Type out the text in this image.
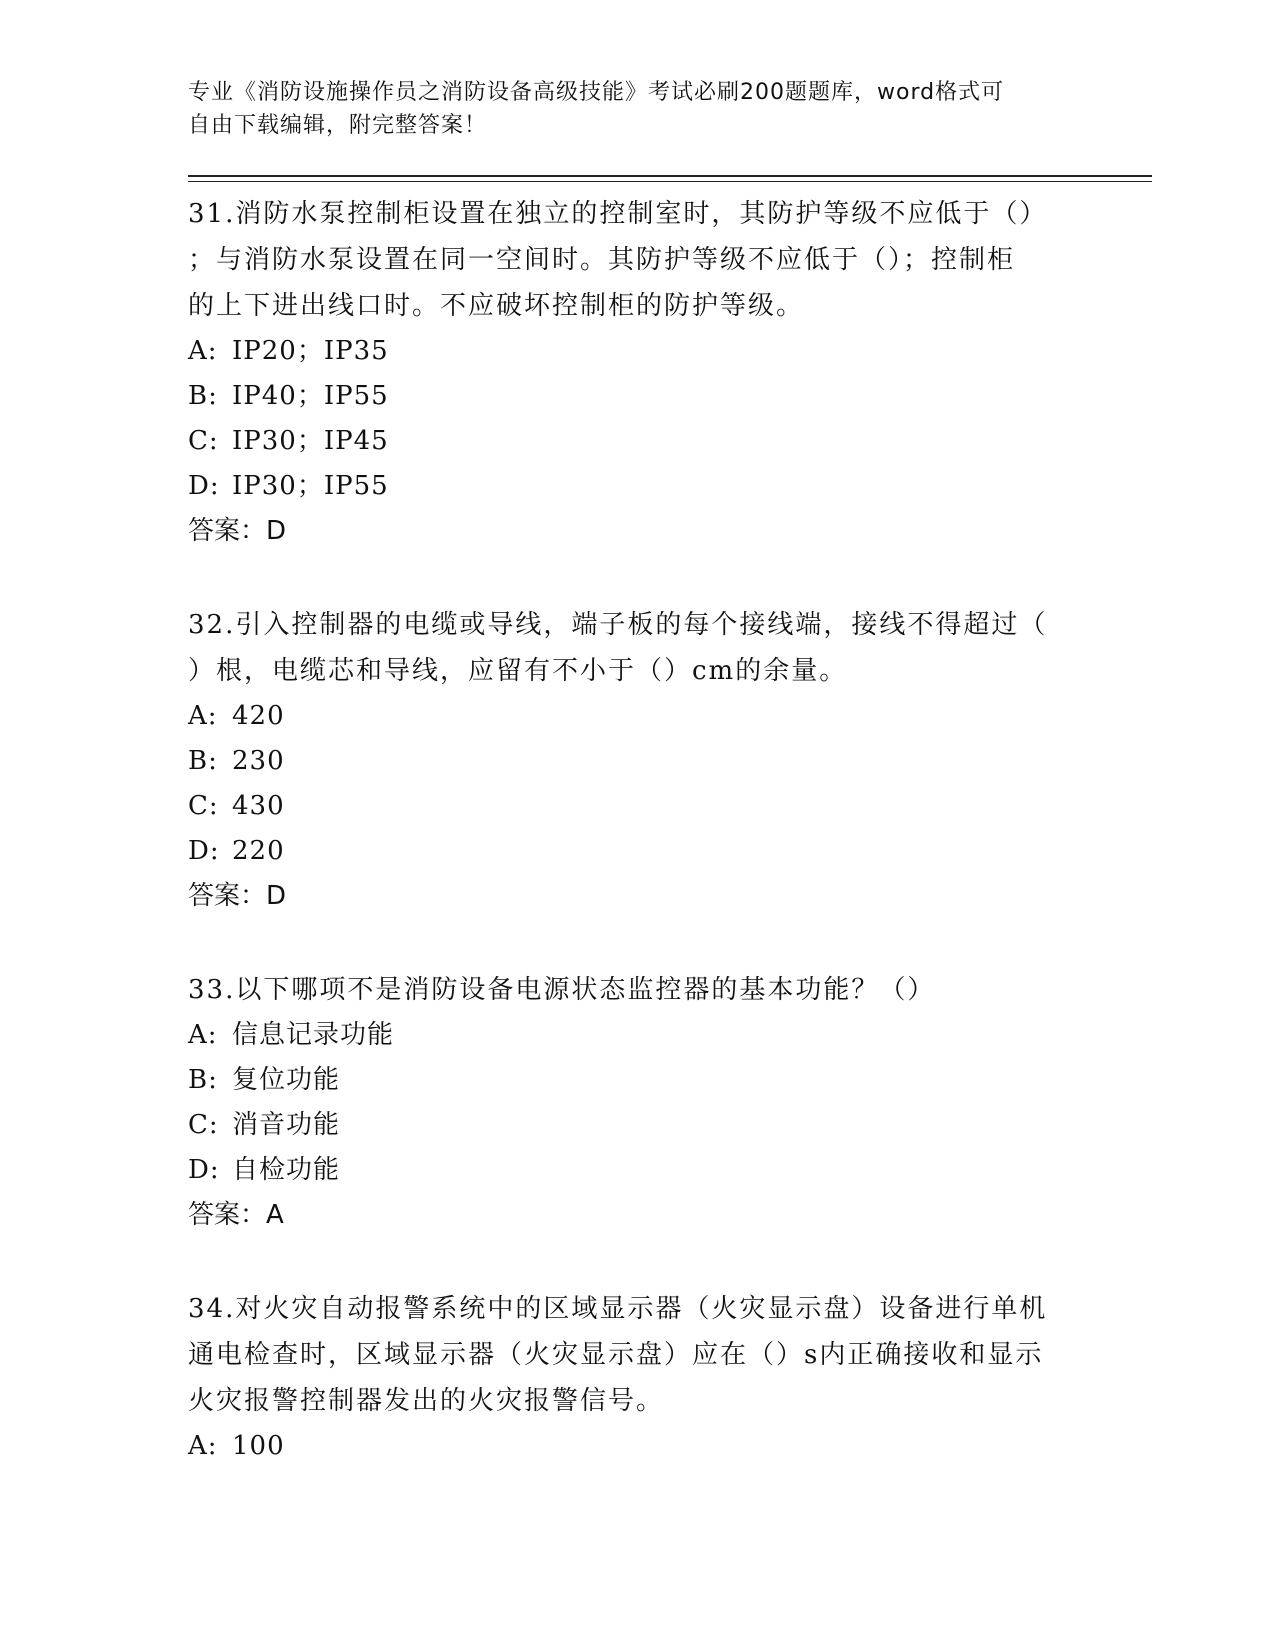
专业《消防设施操作员之消防设备高级技能》考试必刷200题题库，word格式可
自由下载编辑，附完整答案！
31.消防水泵控制柜设置在独立的控制室时，其防护等级不应低于（）
；与消防水泵设置在同一空间时。其防护等级不应低于（）；控制柜
的上下进出线口时。不应破坏控制柜的防护等级。
A: IP20；IP35
B: IP40；IP55
C: IP30；IP45
D: IP30；IP55
答案：D
32.引入控制器的电缆或导线，端子板的每个接线端，接线不得超过（
）根，电缆芯和导线，应留有不小于（）cm的余量。
A: 420
B: 230
C: 430
D: 220
答案：D
33.以下哪项不是消防设备电源状态监控器的基本功能？（）
A: 信息记录功能
B: 复位功能
C: 消音功能
D: 自检功能
答案：A
34.对火灾自动报警系统中的区域显示器（火灾显示盘）设备进行单机
通电检查时，区域显示器（火灾显示盘）应在（）s内正确接收和显示
火灾报警控制器发出的火灾报警信号。
A: 100
